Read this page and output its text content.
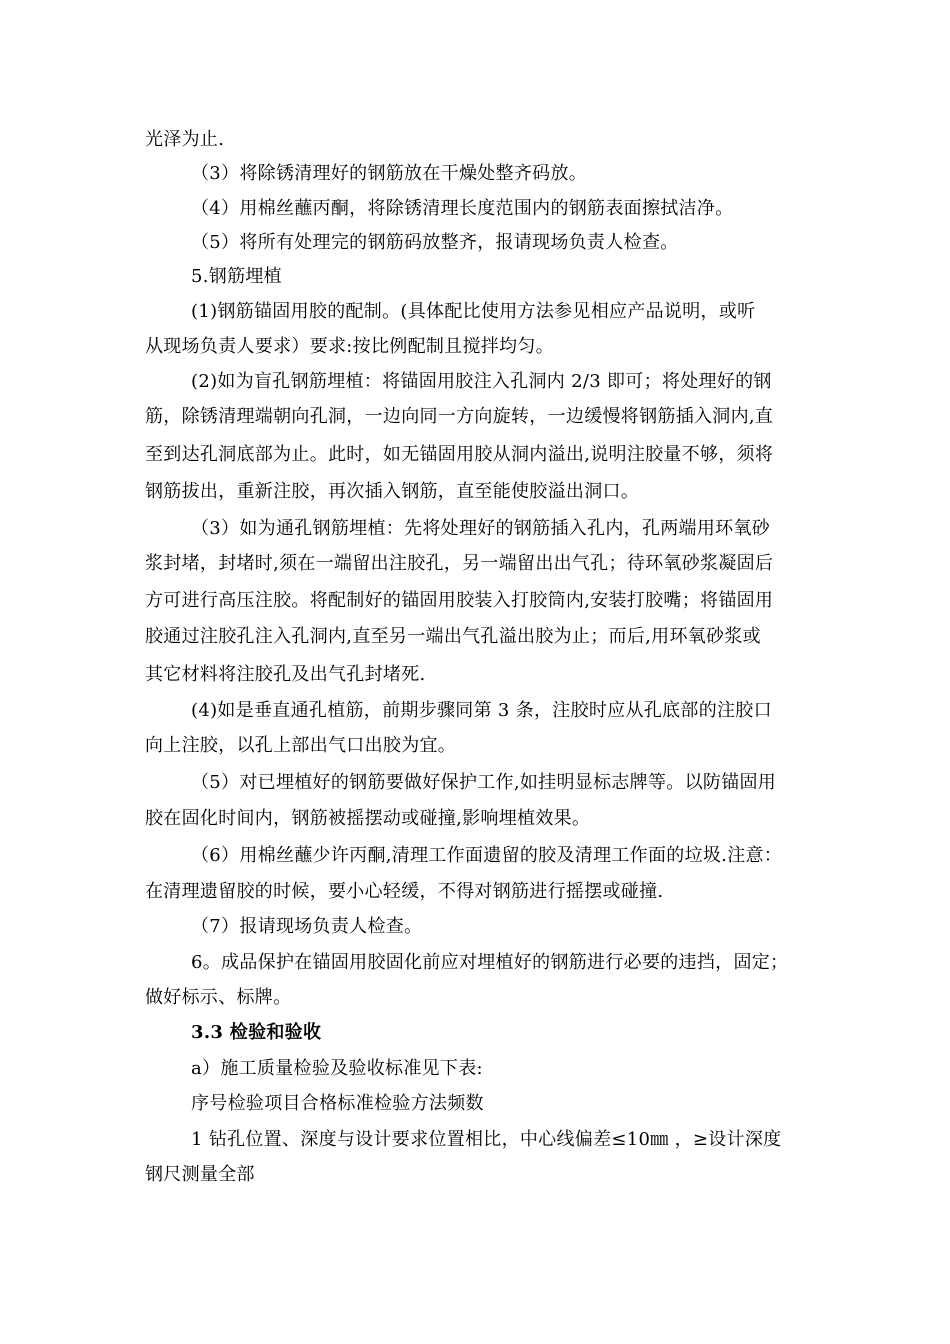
光泽为止.
（3）将除锈清理好的钢筋放在干燥处整齐码放。
（4）用棉丝蘸丙酮，将除锈清理长度范围内的钢筋表面擦拭洁净。
（5）将所有处理完的钢筋码放整齐，报请现场负责人检查。
5.钢筋埋植
(1)钢筋锚固用胶的配制。(具体配比使用方法参见相应产品说明，或听
从现场负责人要求）要求:按比例配制且搅拌均匀。
(2)如为盲孔钢筋埋植：将锚固用胶注入孔洞内 2/3 即可；将处理好的钢
筋，除锈清理端朝向孔洞，一边向同一方向旋转，一边缓慢将钢筋插入洞内,直
至到达孔洞底部为止。此时，如无锚固用胶从洞内溢出,说明注胶量不够，须将
钢筋拔出，重新注胶，再次插入钢筋，直至能使胶溢出洞口。
（3）如为通孔钢筋埋植：先将处理好的钢筋插入孔内，孔两端用环氧砂
浆封堵，封堵时,须在一端留出注胶孔，另一端留出出气孔；待环氧砂浆凝固后
方可进行高压注胶。将配制好的锚固用胶装入打胶筒内,安装打胶嘴；将锚固用
胶通过注胶孔注入孔洞内,直至另一端出气孔溢出胶为止；而后,用环氧砂浆或
其它材料将注胶孔及出气孔封堵死.
(4)如是垂直通孔植筋，前期步骤同第 3 条，注胶时应从孔底部的注胶口
向上注胶，以孔上部出气口出胶为宜。
（5）对已埋植好的钢筋要做好保护工作,如挂明显标志牌等。以防锚固用
胶在固化时间内，钢筋被摇摆动或碰撞,影响埋植效果。
（6）用棉丝蘸少许丙酮,清理工作面遗留的胶及清理工作面的垃圾.注意：
在清理遗留胶的时候，要小心轻缓，不得对钢筋进行摇摆或碰撞.
（7）报请现场负责人检查。
6。成品保护在锚固用胶固化前应对埋植好的钢筋进行必要的违挡，固定；
做好标示、标牌。
3.3 检验和验收
a）施工质量检验及验收标准见下表:
序号检验项目合格标准检验方法频数
1 钻孔位置、深度与设计要求位置相比，中心线偏差≤10㎜ ，≥设计深度
钢尺测量全部
